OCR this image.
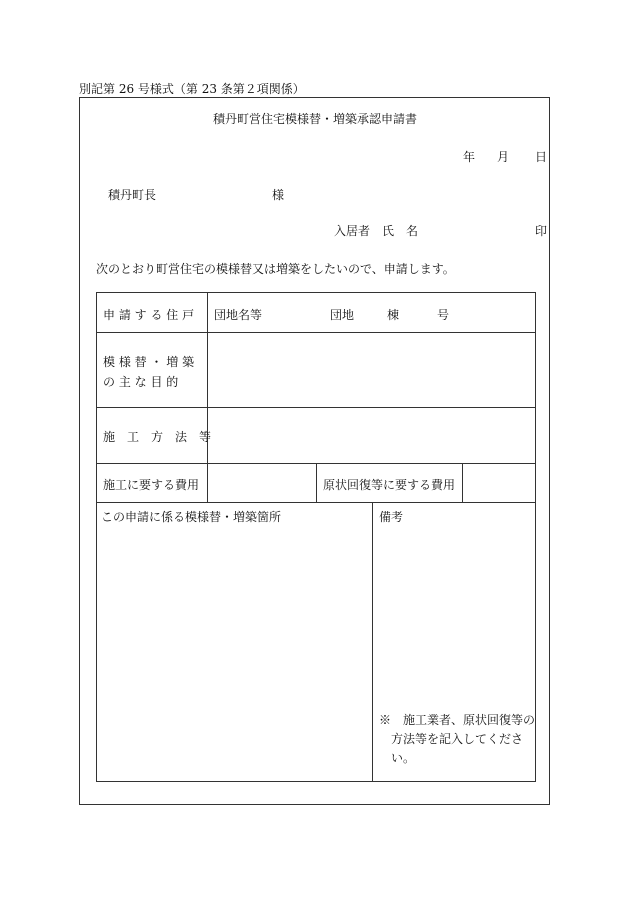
別記第 26 号様式（第 23 条第２項関係）
積丹町営住宅模様替・増築承認申請書
年 月 日
積丹町長	様
入居者 氏　名	印
次のとおり町営住宅の模様替又は増築をしたいので、申請します。
申 請 す る 住 戸 団地名等	団地	棟	号
模 様 替 ・ 増 築
の 主 な 目 的
施　工　方　法　等
施工に要する費用	原状回復等に要する費用
この申請に係る模様替・増築箇所	備考
※　施工業者、原状回復等の
方法等を記入してくださ
い。
